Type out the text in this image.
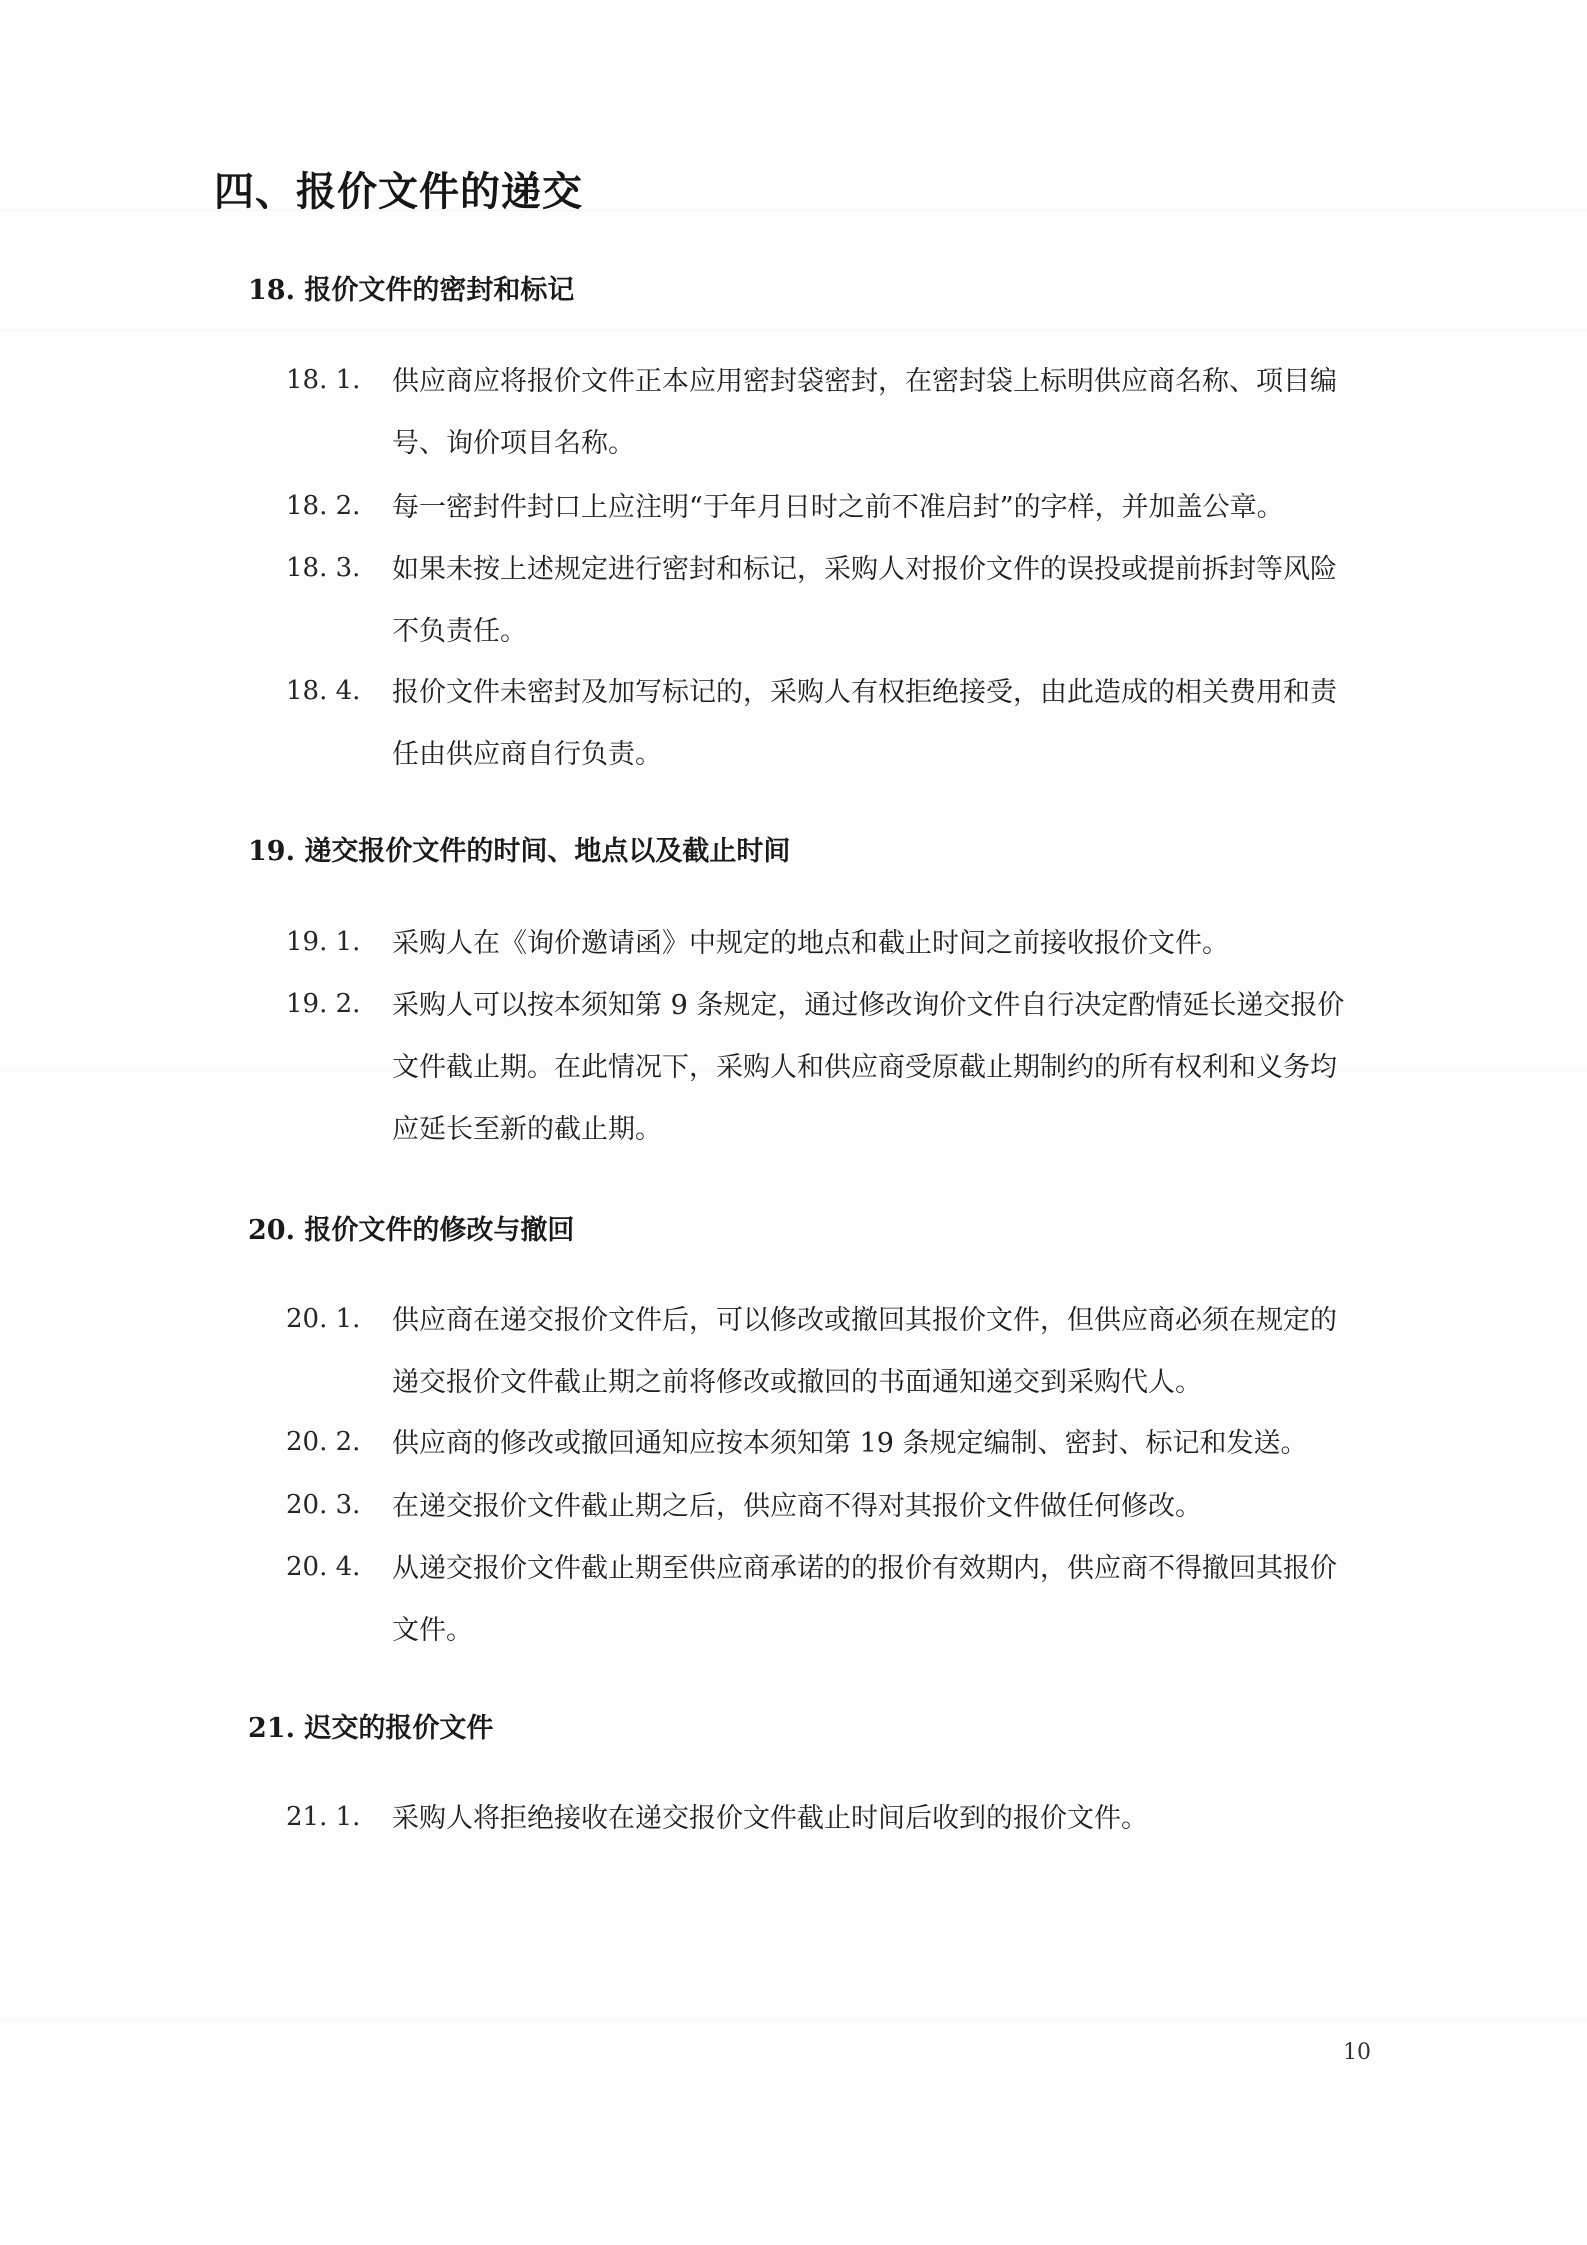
四、报价文件的递交
18. 报价文件的密封和标记
18. 1. 供应商应将报价文件正本应用密封袋密封，在密封袋上标明供应商名称、项目编号、询价项目名称。
18. 2. 每一密封件封口上应注明“于年月日时之前不准启封”的字样，并加盖公章。
18. 3. 如果未按上述规定进行密封和标记，采购人对报价文件的误投或提前拆封等风险不负责任。
18. 4. 报价文件未密封及加写标记的，采购人有权拒绝接受，由此造成的相关费用和责任由供应商自行负责。
19. 递交报价文件的时间、地点以及截止时间
19. 1. 采购人在《询价邀请函》中规定的地点和截止时间之前接收报价文件。
19. 2. 采购人可以按本须知第 9 条规定，通过修改询价文件自行决定酌情延长递交报价文件截止期。在此情况下，采购人和供应商受原截止期制约的所有权利和义务均应延长至新的截止期。
20. 报价文件的修改与撤回
20. 1. 供应商在递交报价文件后，可以修改或撤回其报价文件，但供应商必须在规定的递交报价文件截止期之前将修改或撤回的书面通知递交到采购代人。
20. 2. 供应商的修改或撤回通知应按本须知第 19 条规定编制、密封、标记和发送。
20. 3. 在递交报价文件截止期之后，供应商不得对其报价文件做任何修改。
20. 4. 从递交报价文件截止期至供应商承诺的的报价有效期内，供应商不得撤回其报价文件。
21. 迟交的报价文件
21. 1. 采购人将拒绝接收在递交报价文件截止时间后收到的报价文件。
10
